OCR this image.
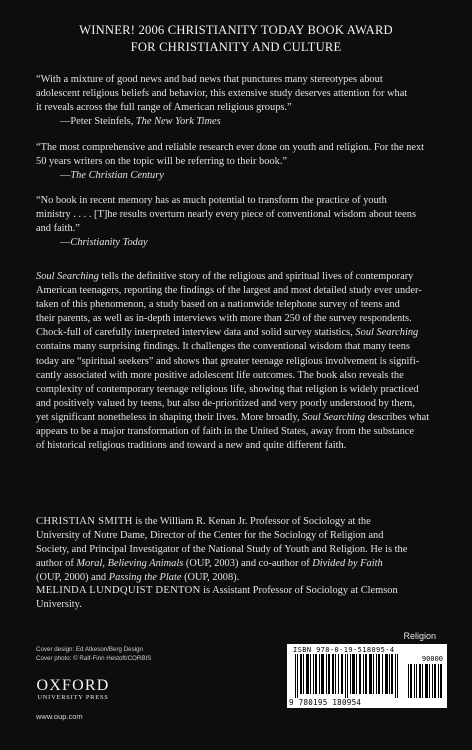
WINNER! 2006 CHRISTIANITY TODAY BOOK AWARD
FOR CHRISTIANITY AND CULTURE
“With a mixture of good news and bad news that punctures many stereotypes about
adolescent religious beliefs and behavior, this extensive study deserves attention for what
it reveals across the full range of American religious groups.”
—Peter Steinfels, The New York Times
“The most comprehensive and reliable research ever done on youth and religion. For the next
50 years writers on the topic will be referring to their book.”
—The Christian Century
“No book in recent memory has as much potential to transform the practice of youth
ministry . . . . [T]he results overturn nearly every piece of conventional wisdom about teens
and faith.”
—Christianity Today
Soul Searching tells the definitive story of the religious and spiritual lives of contemporary
American teenagers, reporting the findings of the largest and most detailed study ever under-
taken of this phenomenon, a study based on a nationwide telephone survey of teens and
their parents, as well as in-depth interviews with more than 250 of the survey respondents.
Chock-full of carefully interpreted interview data and solid survey statistics, Soul Searching
contains many surprising findings. It challenges the conventional wisdom that many teens
today are “spiritual seekers” and shows that greater teenage religious involvement is signifi-
cantly associated with more positive adolescent life outcomes. The book also reveals the
complexity of contemporary teenage religious life, showing that religion is widely practiced
and positively valued by teens, but also de-prioritized and very poorly understood by them,
yet significant nonetheless in shaping their lives. More broadly, Soul Searching describes what
appears to be a major transformation of faith in the United States, away from the substance
of historical religious traditions and toward a new and quite different faith.
CHRISTIAN SMITH is the William R. Kenan Jr. Professor of Sociology at the
University of Notre Dame, Director of the Center for the Sociology of Religion and
Society, and Principal Investigator of the National Study of Youth and Religion. He is the
author of Moral, Believing Animals (OUP, 2003) and co-author of Divided by Faith
(OUP, 2000) and Passing the Plate (OUP, 2008).
MELINDA LUNDQUIST DENTON is Assistant Professor of Sociology at Clemson
University.
Religion
ISBN 978-0-19-518095-4
90000
9 780195 180954
Cover design: Ed Atkeson/Berg Design
Cover photo: © Ralf-Finn Hestoft/CORBIS
OXFORD
UNIVERSITY PRESS
www.oup.com
